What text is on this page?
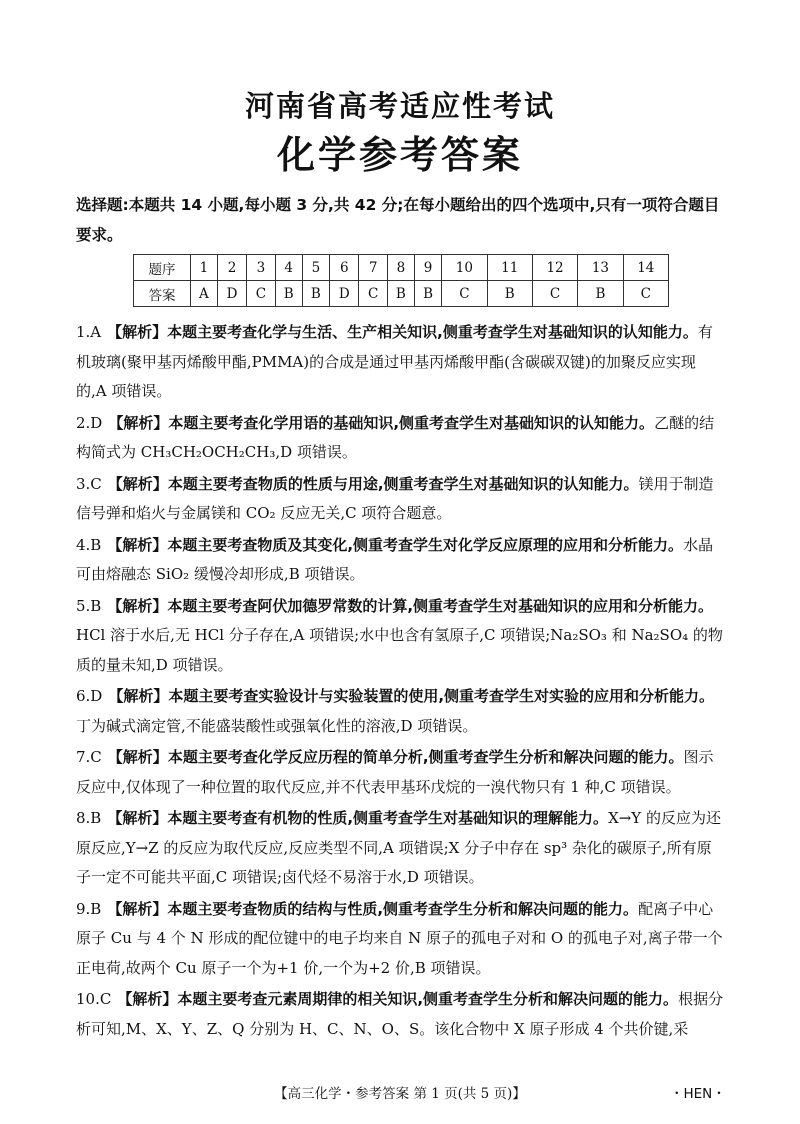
河南省高考适应性考试
化学参考答案
选择题:本题共 14 小题,每小题 3 分,共 42 分;在每小题给出的四个选项中,只有一项符合题目要求。
题序	1	2	3	4	5	6	7	8	9	10	11	12	13	14
答案	A	D	C	B	B	D	C	B	B	C	B	C	B	C
1.A 【解析】本题主要考查化学与生活、生产相关知识,侧重考查学生对基础知识的认知能力。有机玻璃(聚甲基丙烯酸甲酯,PMMA)的合成是通过甲基丙烯酸甲酯(含碳碳双键)的加聚反应实现的,A 项错误。
2.D 【解析】本题主要考查化学用语的基础知识,侧重考查学生对基础知识的认知能力。乙醚的结构简式为 CH₃CH₂OCH₂CH₃,D 项错误。
3.C 【解析】本题主要考查物质的性质与用途,侧重考查学生对基础知识的认知能力。镁用于制造信号弹和焰火与金属镁和 CO₂ 反应无关,C 项符合题意。
4.B 【解析】本题主要考查物质及其变化,侧重考查学生对化学反应原理的应用和分析能力。水晶可由熔融态 SiO₂ 缓慢冷却形成,B 项错误。
5.B 【解析】本题主要考查阿伏加德罗常数的计算,侧重考查学生对基础知识的应用和分析能力。HCl 溶于水后,无 HCl 分子存在,A 项错误;水中也含有氢原子,C 项错误;Na₂SO₃ 和 Na₂SO₄ 的物质的量未知,D 项错误。
6.D 【解析】本题主要考查实验设计与实验装置的使用,侧重考查学生对实验的应用和分析能力。丁为碱式滴定管,不能盛装酸性或强氧化性的溶液,D 项错误。
7.C 【解析】本题主要考查化学反应历程的简单分析,侧重考查学生分析和解决问题的能力。图示反应中,仅体现了一种位置的取代反应,并不代表甲基环戊烷的一溴代物只有 1 种,C 项错误。
8.B 【解析】本题主要考查有机物的性质,侧重考查学生对基础知识的理解能力。X→Y 的反应为还原反应,Y→Z 的反应为取代反应,反应类型不同,A 项错误;X 分子中存在 sp³ 杂化的碳原子,所有原子一定不可能共平面,C 项错误;卤代烃不易溶于水,D 项错误。
9.B 【解析】本题主要考查物质的结构与性质,侧重考查学生分析和解决问题的能力。配离子中心原子 Cu 与 4 个 N 形成的配位键中的电子均来自 N 原子的孤电子对和 O 的孤电子对,离子带一个正电荷,故两个 Cu 原子一个为+1 价,一个为+2 价,B 项错误。
10.C 【解析】本题主要考查元素周期律的相关知识,侧重考查学生分析和解决问题的能力。根据分析可知,M、X、Y、Z、Q 分别为 H、C、N、O、S。该化合物中 X 原子形成 4 个共价键,采
【高三化学・参考答案 第 1 页(共 5 页)】	・HEN・
